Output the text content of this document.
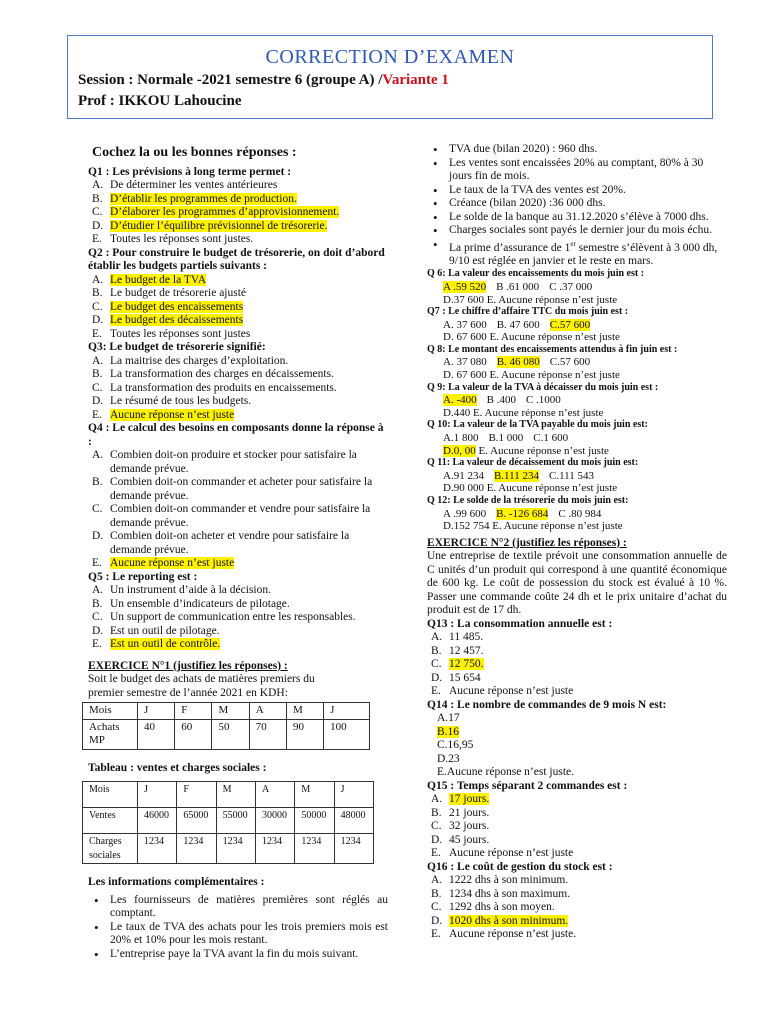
CORRECTION D’EXAMEN
Session : Normale -2021 semestre 6 (groupe A) /Variante 1
Prof : IKKOU Lahoucine

Cochez la ou les bonnes réponses :

Q1 : Les prévisions à long terme permet :
A. De déterminer les ventes antérieures
B. D’établir les programmes de production.
C. D’élaborer les programmes d’approvisionnement.
D. D’étudier l’équilibre prévisionnel de trésorerie.
E. Toutes les réponses sont justes.
Q2 : Pour construire le budget de trésorerie, on doit d’abord établir les budgets partiels suivants :
A. Le budget de la TVA
B. Le budget de trésorerie ajusté
C. Le budget des encaissements
D. Le budget des décaissements
E. Toutes les réponses sont justes
Q3: Le budget de trésorerie signifié:
A. La maitrise des charges d’exploitation.
B. La transformation des charges en décaissements.
C. La transformation des produits en encaissements.
D. Le résumé de tous les budgets.
E. Aucune réponse n’est juste
Q4 : Le calcul des besoins en composants donne la réponse à :
A. Combien doit-on produire et stocker pour satisfaire la demande prévue.
B. Combien doit-on commander et acheter pour satisfaire la demande prévue.
C. Combien doit-on commander et vendre pour satisfaire la demande prévue.
D. Combien doit-on acheter et vendre pour satisfaire la demande prévue.
E. Aucune réponse n’est juste
Q5 : Le reporting est :
A. Un instrument d’aide à la décision.
B. Un ensemble d’indicateurs de pilotage.
C. Un support de communication entre les responsables.
D. Est un outil de pilotage.
E. Est un outil de contrôle.
EXERCICE N°1 (justifiez les réponses) :
Soit le budget des achats de matières premiers du
premier semestre de l’année 2021 en KDH:
Mois	J	F	M	A	M	J
Achats MP	40	60	50	70	90	100
Tableau : ventes et charges sociales :
Mois	J	F	M	A	M	J
Ventes	46000	65000	55000	30000	50000	48000
Charges sociales	1234	1234	1234	1234	1234	1234
Les informations complémentaires :
• Les fournisseurs de matières premières sont réglés au comptant.
• Le taux de TVA des achats pour les trois premiers mois est 20% et 10% pour les mois restant.
• L’entreprise paye la TVA avant la fin du mois suivant.
• TVA due (bilan 2020) : 960 dhs.
• Les ventes sont encaissées 20% au comptant, 80% à 30 jours fin de mois.
• Le taux de la TVA des ventes est 20%.
• Créance (bilan 2020) :36 000 dhs.
• Le solde de la banque au 31.12.2020 s’élève à 7000 dhs.
• Charges sociales sont payés le dernier jour du mois échu.
• La prime d’assurance de 1er semestre s’élèvent à 3 000 dh, 9/10 est réglée en janvier et le reste en mars.
Q 6: La valeur des encaissements du mois juin est :
A .59 520 B .61 000 C .37 000
D.37 600 E. Aucune réponse n’est juste
Q7 : Le chiffre d’affaire TTC du mois juin est :
A. 37 600 B. 47 600 C.57 600
D. 67 600 E. Aucune réponse n’est juste
Q 8: Le montant des encaissements attendus à fin juin est :
A. 37 080 B. 46 080 C.57 600
D. 67 600 E. Aucune réponse n’est juste
Q 9: La valeur de la TVA à décaisser du mois juin est :
A. -400 B .400 C .1000
D.440 E. Aucune réponse n’est juste
Q 10: La valeur de la TVA payable du mois juin est:
A.1 800 B.1 000 C.1 600
D.0, 00 E. Aucune réponse n’est juste
Q 11: La valeur de décaissement du mois juin est:
A.91 234 B.111 234 C.111 543
D.90 000 E. Aucune réponse n’est juste
Q 12: Le solde de la trésorerie du mois juin est:
A .99 600 B. -126 684 C .80 984
D.152 754 E. Aucune réponse n’est juste
EXERCICE N°2 (justifiez les réponses) :
Une entreprise de textile prévoit une consommation annuelle de C unités d’un produit qui correspond à une quantité économique de 600 kg. Le coût de possession du stock est évalué à 10 %. Passer une commande coûte 24 dh et le prix unitaire d’achat du produit est de 17 dh.
Q13 : La consommation annuelle est :
A. 11 485.
B. 12 457.
C. 12 750.
D. 15 654
E. Aucune réponse n’est juste
Q14 : Le nombre de commandes de 9 mois N est:
A.17
B.16
C.16,95
D.23
E.Aucune réponse n’est juste.
Q15 : Temps séparant 2 commandes est :
A. 17 jours.
B. 21 jours.
C. 32 jours.
D. 45 jours.
E. Aucune réponse n’est juste
Q16 : Le coût de gestion du stock est :
A. 1222 dhs à son minimum.
B. 1234 dhs à son maximum.
C. 1292 dhs à son moyen.
D. 1020 dhs à son minimum.
E. Aucune réponse n’est juste.
